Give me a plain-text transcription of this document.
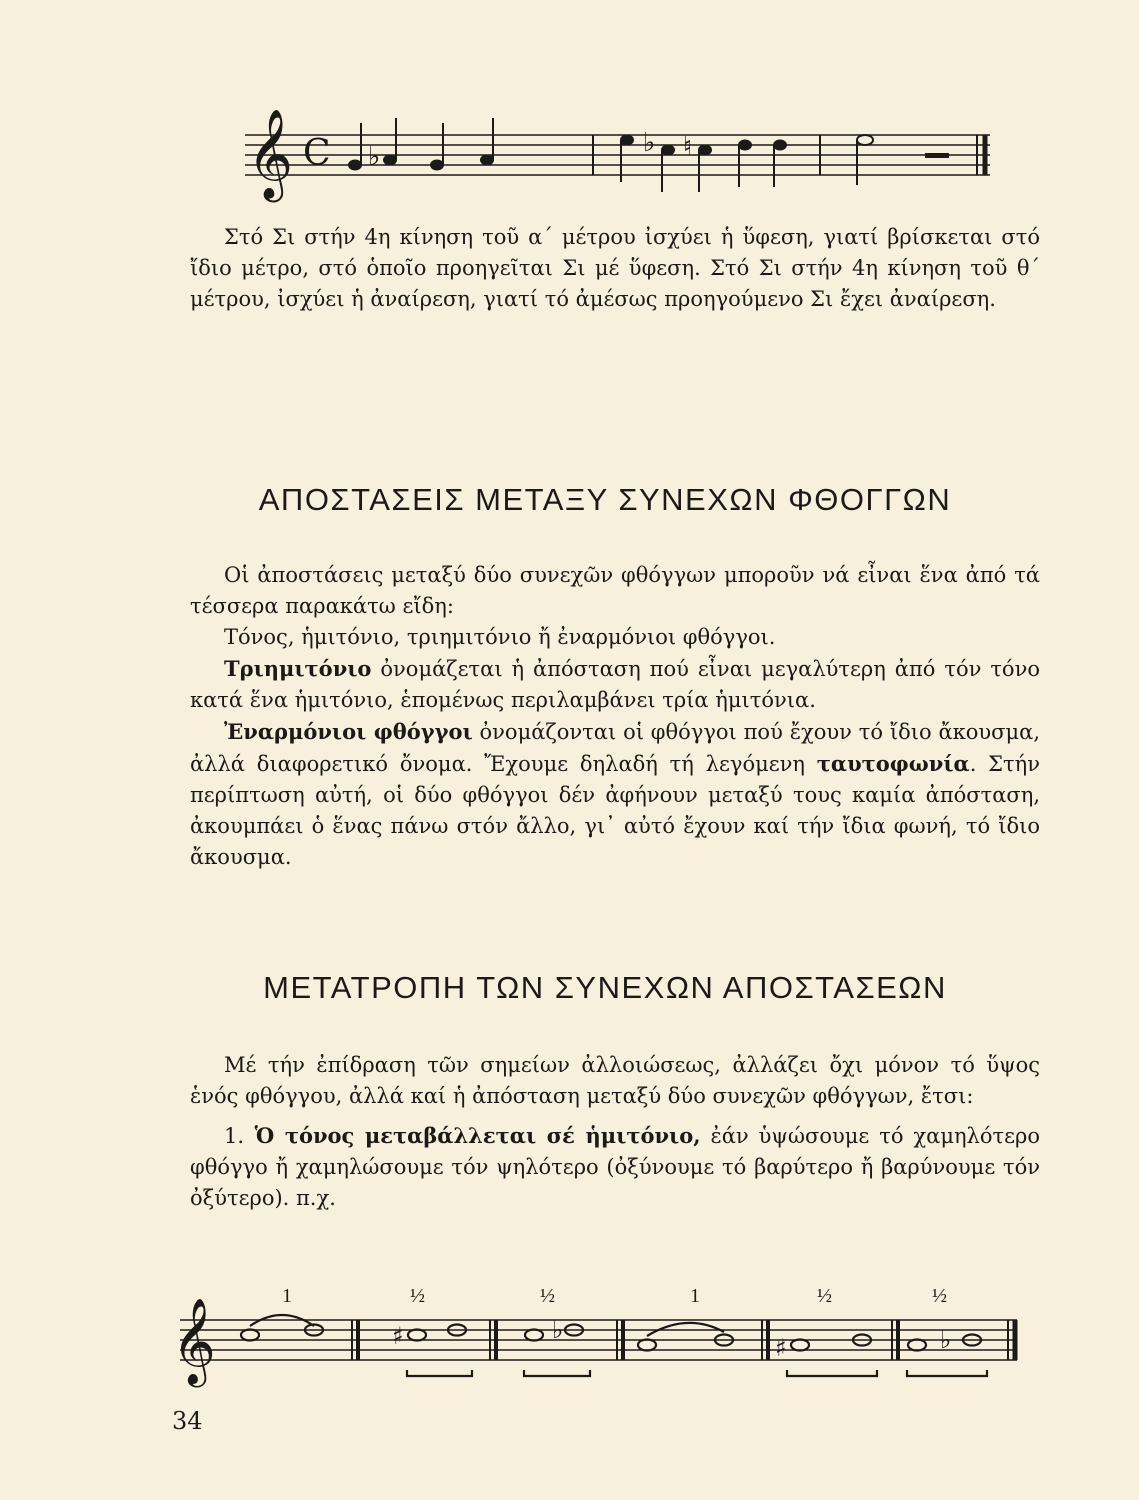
𝄞 C ♭	♭ ♮

Στό Σι στήν 4η κίνηση τοῦ α΄ μέτρου ἰσχύει ἡ ὕφεση, γιατί βρίσκεται στό ἴδιο μέτρο, στό ὁποῖο προηγεῖται Σι μέ ὕφεση. Στό Σι στήν 4η κίνηση τοῦ θ΄ μέτρου, ἰσχύει ἡ ἀναίρεση, γιατί τό ἀμέσως προηγούμενο Σι ἔχει ἀναίρεση.

ΑΠΟΣΤΑΣΕΙΣ ΜΕΤΑΞΥ ΣΥΝΕΧΩΝ ΦΘΟΓΓΩΝ

Οἱ ἀποστάσεις μεταξύ δύο συνεχῶν φθόγγων μποροῦν νά εἶναι ἕνα ἀπό τά τέσσερα παρακάτω εἴδη:

Τόνος, ἡμιτόνιο, τριημιτόνιο ἤ ἐναρμόνιοι φθόγγοι.

Τριημιτόνιο ὀνομάζεται ἡ ἀπόσταση πού εἶναι μεγαλύτερη ἀπό τόν τόνο κατά ἕνα ἡμιτόνιο, ἑπομένως περιλαμβάνει τρία ἡμιτόνια.

Ἐναρμόνιοι φθόγγοι ὀνομάζονται οἱ φθόγγοι πού ἔχουν τό ἴδιο ἄκουσμα, ἀλλά διαφορετικό ὄνομα. Ἔχουμε δηλαδή τή λεγόμενη ταυτοφωνία. Στήν περίπτωση αὐτή, οἱ δύο φθόγγοι δέν ἀφήνουν μεταξύ τους καμία ἀπόσταση, ἀκουμπάει ὁ ἕνας πάνω στόν ἄλλο, γι᾽ αὐτό ἔχουν καί τήν ἴδια φωνή, τό ἴδιο ἄκουσμα.

ΜΕΤΑΤΡΟΠΗ ΤΩΝ ΣΥΝΕΧΩΝ ΑΠΟΣΤΑΣΕΩΝ

Μέ τήν ἐπίδραση τῶν σημείων ἀλλοιώσεως, ἀλλάζει ὄχι μόνον τό ὕψος ἑνός φθόγγου, ἀλλά καί ἡ ἀπόσταση μεταξύ δύο συνεχῶν φθόγγων, ἔτσι:

1. Ὁ τόνος μεταβάλλεται σέ ἡμιτόνιο, ἐάν ὑψώσουμε τό χαμηλότερο φθόγγο ἤ χαμηλώσουμε τόν ψηλότερο (ὀξύνουμε τό βαρύτερο ἤ βαρύνουμε τόν ὀξύτερο). π.χ.

1	½	½	1	½	½
𝄞	♯	♭
♯	♭
34
